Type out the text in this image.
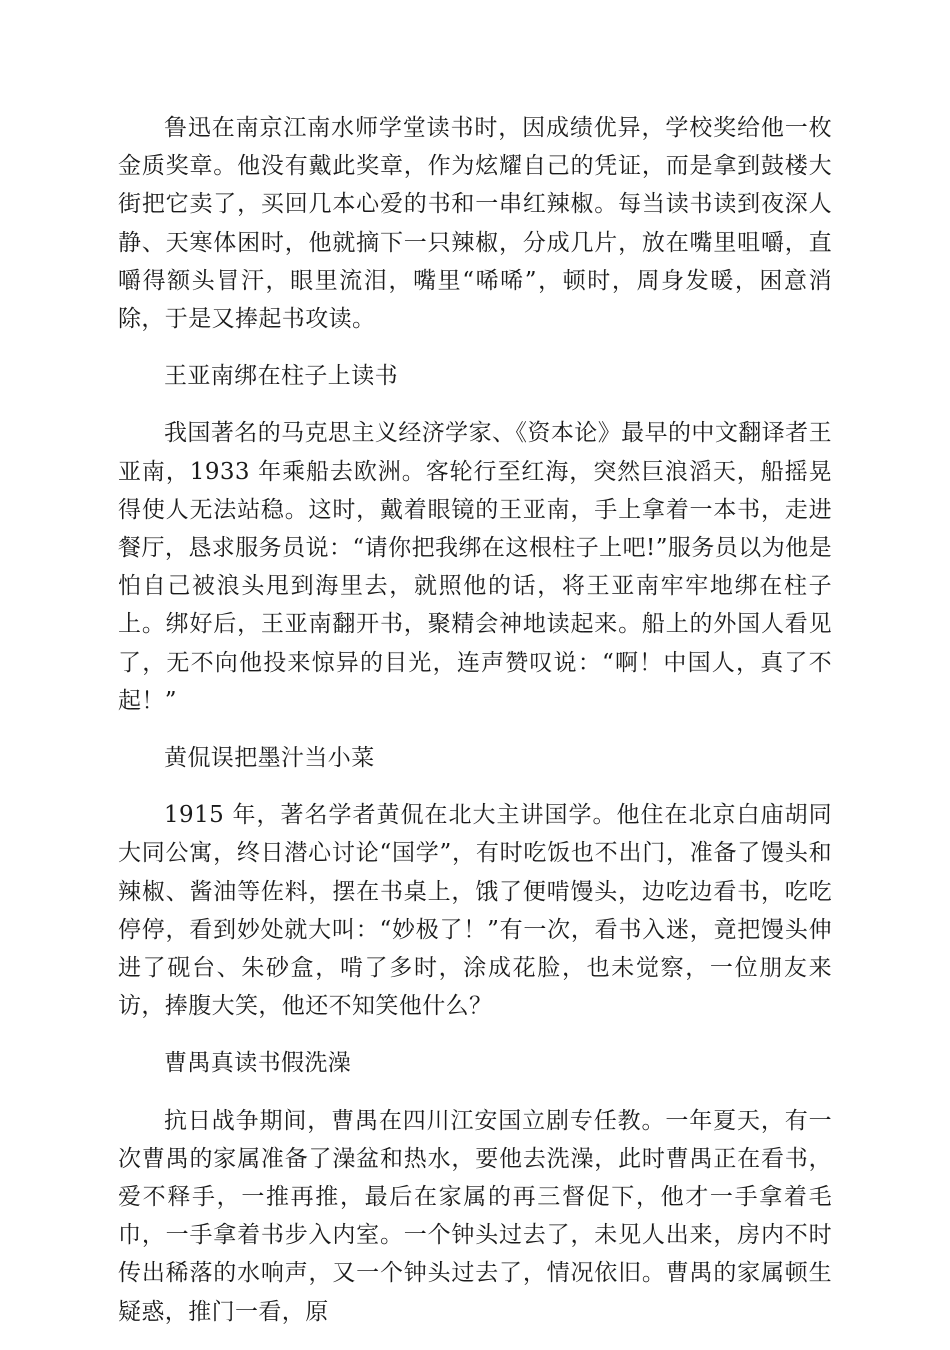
鲁迅在南京江南水师学堂读书时，因成绩优异，学校奖给他一枚金质奖章。他没有戴此奖章，作为炫耀自己的凭证，而是拿到鼓楼大街把它卖了，买回几本心爱的书和一串红辣椒。每当读书读到夜深人静、天寒体困时，他就摘下一只辣椒，分成几片，放在嘴里咀嚼，直嚼得额头冒汗，眼里流泪，嘴里“唏唏”，顿时，周身发暖，困意消除，于是又捧起书攻读。

王亚南绑在柱子上读书

我国著名的马克思主义经济学家、《资本论》最早的中文翻译者王亚南，1933 年乘船去欧洲。客轮行至红海，突然巨浪滔天，船摇晃得使人无法站稳。这时，戴着眼镜的王亚南，手上拿着一本书，走进餐厅，恳求服务员说：“请你把我绑在这根柱子上吧!”服务员以为他是怕自己被浪头甩到海里去，就照他的话，将王亚南牢牢地绑在柱子上。绑好后，王亚南翻开书，聚精会神地读起来。船上的外国人看见了，无不向他投来惊异的目光，连声赞叹说：“啊！中国人，真了不起！”

黄侃误把墨汁当小菜

1915 年，著名学者黄侃在北大主讲国学。他住在北京白庙胡同大同公寓，终日潜心讨论“国学”，有时吃饭也不出门，准备了馒头和辣椒、酱油等佐料，摆在书桌上，饿了便啃馒头，边吃边看书，吃吃停停，看到妙处就大叫：“妙极了！”有一次，看书入迷，竟把馒头伸进了砚台、朱砂盒，啃了多时，涂成花脸，也未觉察，一位朋友来访，捧腹大笑，他还不知笑他什么？

曹禺真读书假洗澡

抗日战争期间，曹禺在四川江安国立剧专任教。一年夏天，有一次曹禺的家属准备了澡盆和热水，要他去洗澡，此时曹禺正在看书，爱不释手，一推再推，最后在家属的再三督促下，他才一手拿着毛巾，一手拿着书步入内室。一个钟头过去了，未见人出来，房内不时传出稀落的水响声，又一个钟头过去了，情况依旧。曹禺的家属顿生疑惑，推门一看，原
